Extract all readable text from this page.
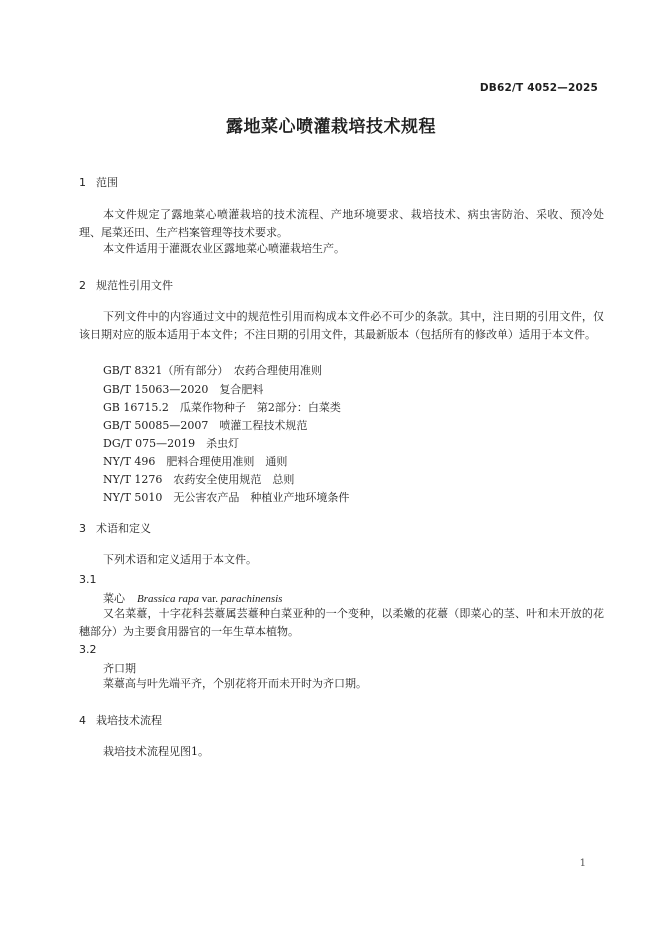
DB62/T 4052—2025
露地菜心喷灌栽培技术规程
1 范围
本文件规定了露地菜心喷灌栽培的技术流程、产地环境要求、栽培技术、病虫害防治、采收、预冷处理、尾菜还田、生产档案管理等技术要求。
本文件适用于灌溉农业区露地菜心喷灌栽培生产。
2 规范性引用文件
下列文件中的内容通过文中的规范性引用而构成本文件必不可少的条款。其中，注日期的引用文件，仅该日期对应的版本适用于本文件；不注日期的引用文件，其最新版本（包括所有的修改单）适用于本文件。
GB/T 8321（所有部分）　农药合理使用准则
GB/T 15063—2020　复合肥料
GB 16715.2　瓜菜作物种子　第2部分：白菜类
GB/T 50085—2007　喷灌工程技术规范
DG/T 075—2019　杀虫灯
NY/T 496　肥料合理使用准则　通则
NY/T 1276　农药安全使用规范　总则
NY/T 5010　无公害农产品　种植业产地环境条件
3 术语和定义
下列术语和定义适用于本文件。
3.1
菜心 Brassica rapa var. parachinensis
又名菜薹，十字花科芸薹属芸薹种白菜亚种的一个变种，以柔嫩的花薹（即菜心的茎、叶和未开放的花穗部分）为主要食用器官的一年生草本植物。
3.2
齐口期
菜薹高与叶先端平齐，个别花将开而未开时为齐口期。
4 栽培技术流程
栽培技术流程见图1。
1
